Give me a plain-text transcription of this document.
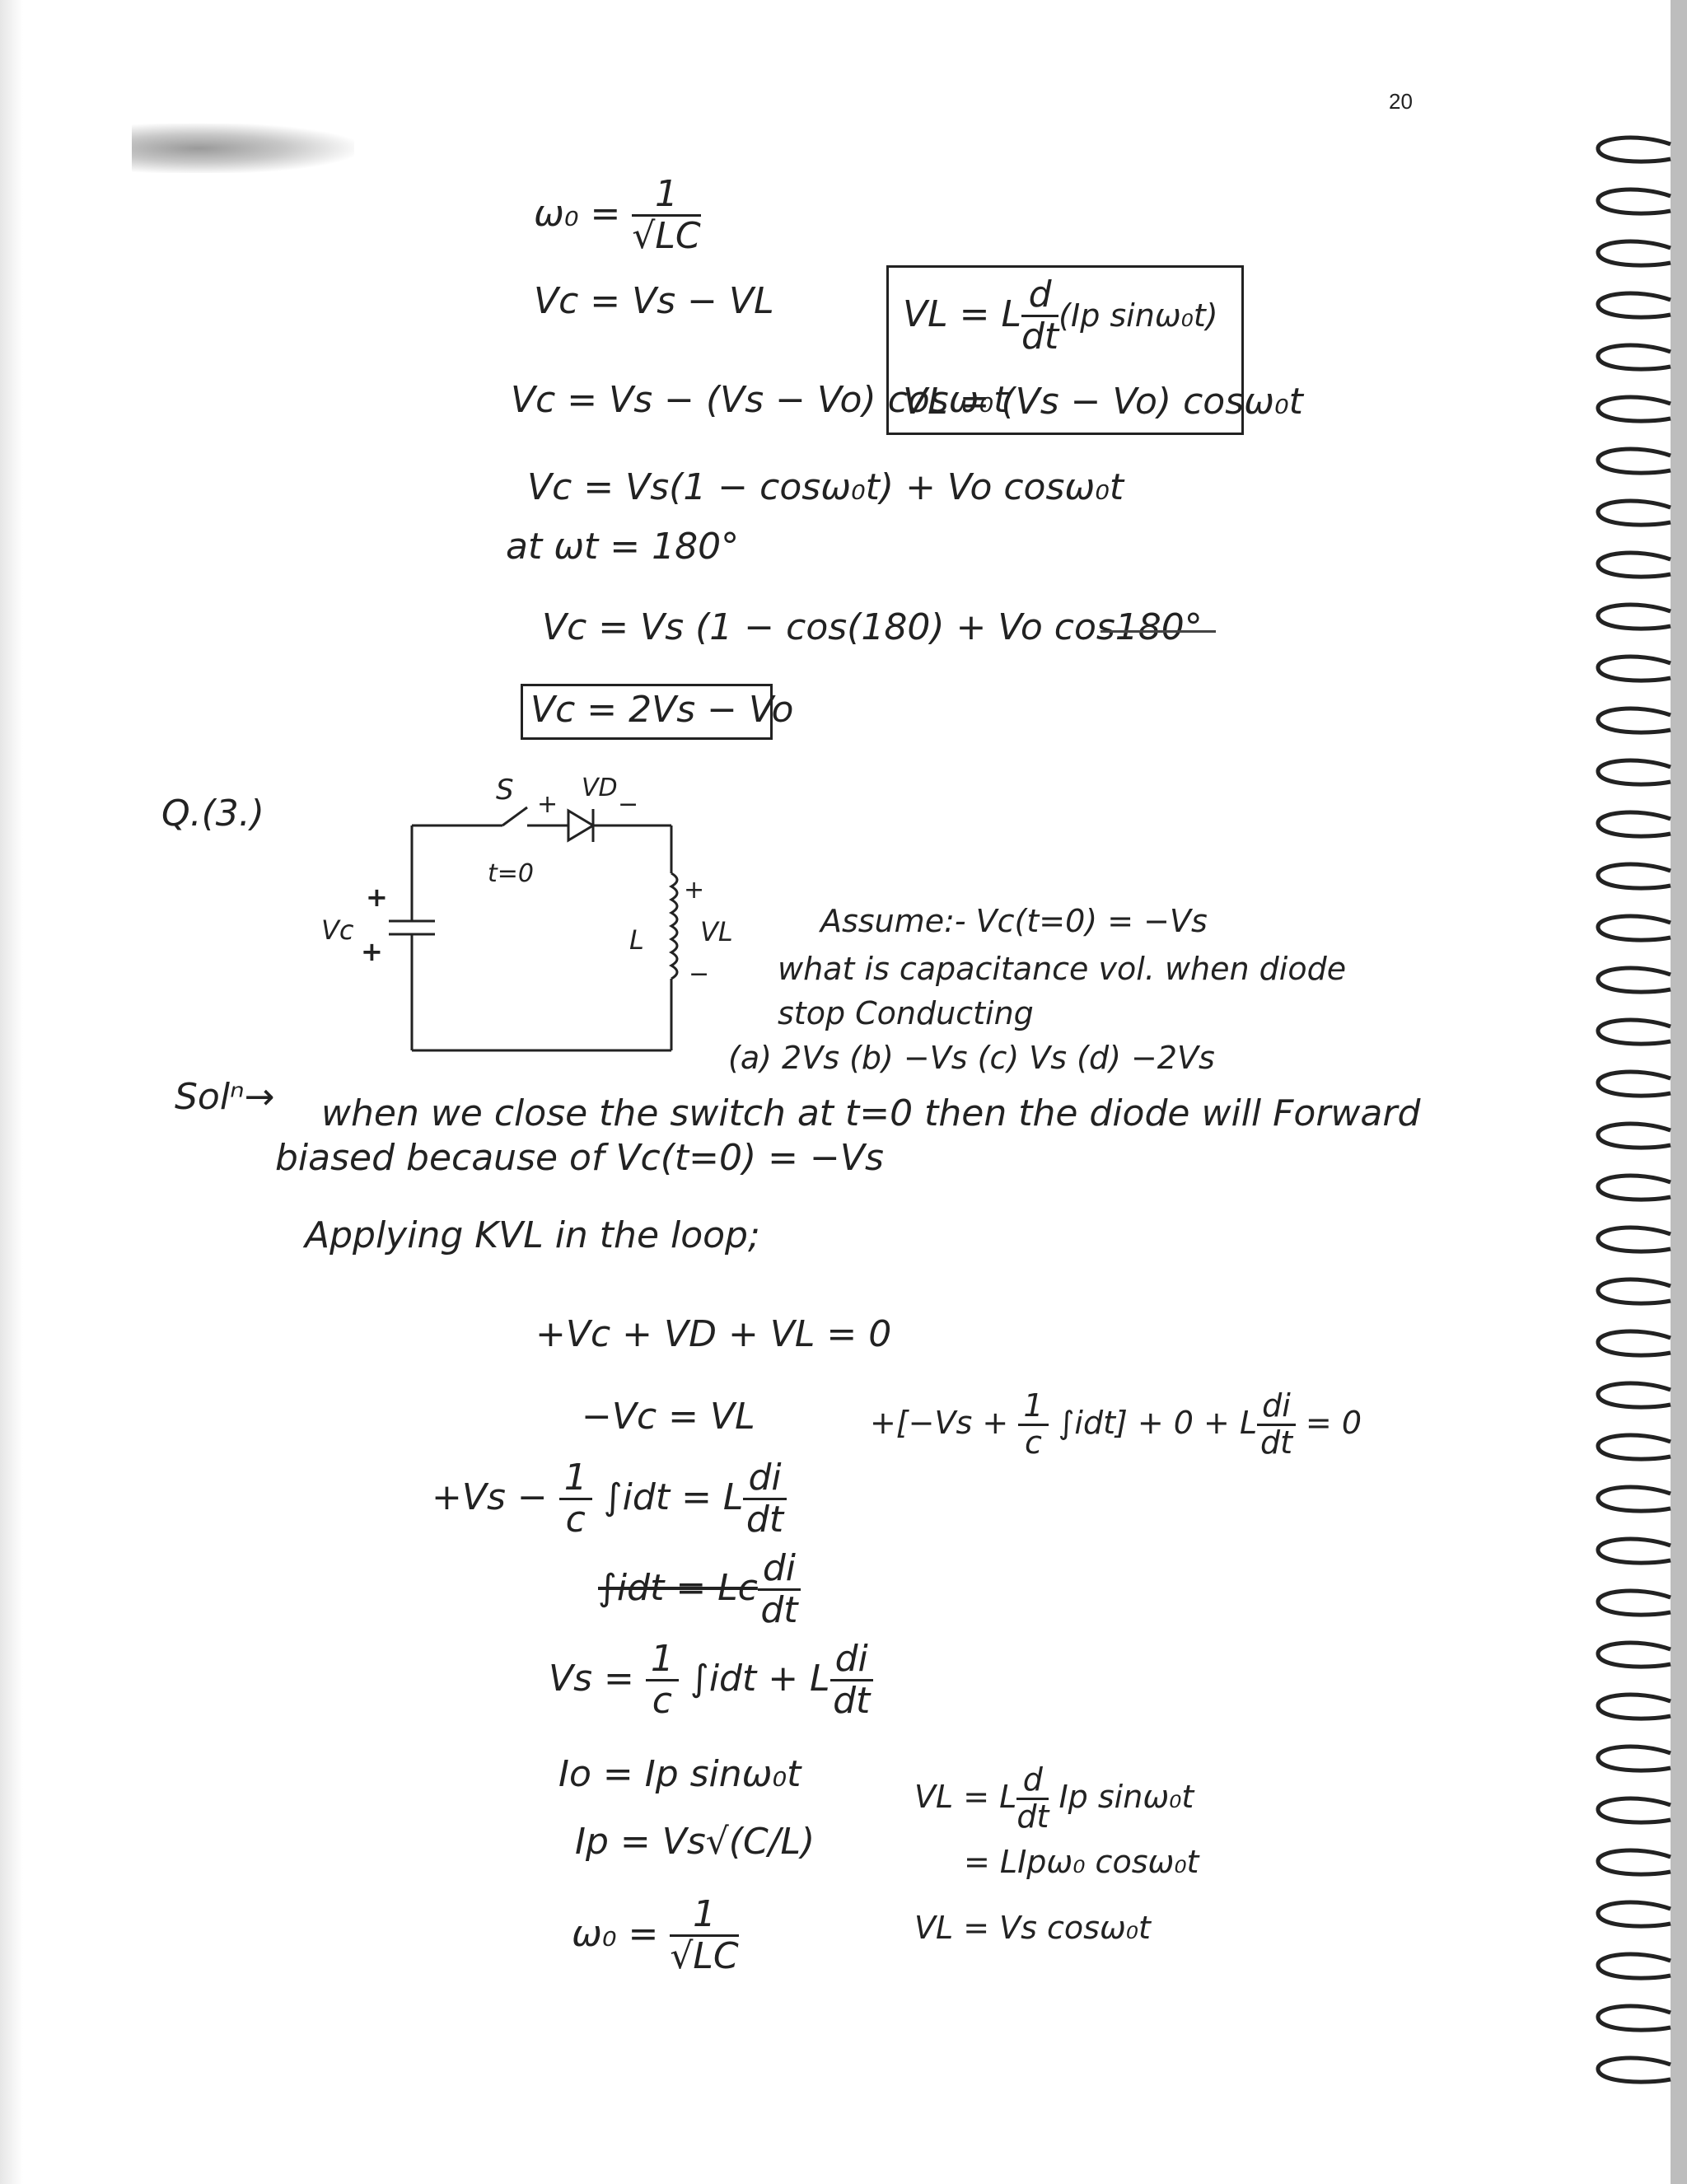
20
$\omega_0 = \frac{1}{√LC}$
Vc = Vs − VL
Vc = Vs − (Vs − Vo) cosω₀t
VL = L $\frac{d}{dt} (Ip$ sinω₀t)
VL = (Vs − Vo) cosω₀t
Vc = Vs(1 − cosω₀t) + Vo cosω₀t
at ωt = 180°
Vc = Vs (1 − cos(180) + Vo cos180°
Vc = 2Vs − Vo
Q.(3.)
S
t=0
+
VD
−
Vc
+
+	L
+
VL
−
Assume:- Vc(t=0) = −Vs
what is capacitance vol. when diode
stop Conducting
(a) 2Vs (b) −Vs (c) Vs (d) −2Vs
Solⁿ→ when we close the switch at t=0 then the diode will Forward
biased because of Vc(t=0) = −Vs
Applying KVL in the loop;
+Vc + VD + VL = 0
−Vc = VL	$+[-Vs + \frac{1}{c} \int idt] + 0 + L \frac{di}{dt} = 0$
$+Vs - \frac{1}{c} \int idt = L \frac{di}{dt}$
∫idt = Lc $\frac{di}{dt}$
$Vs = \frac{1}{c} \int idt + L \frac{di}{dt}$
Io = Ip sinω₀t
Ip = Vs√(C/L)
$\omega_0 = \frac{1}{√LC}$
VL = L $\frac{d}{dt}$ Ip sinω₀t
= LIpω₀ cosω₀t
VL = Vs cosω₀t
